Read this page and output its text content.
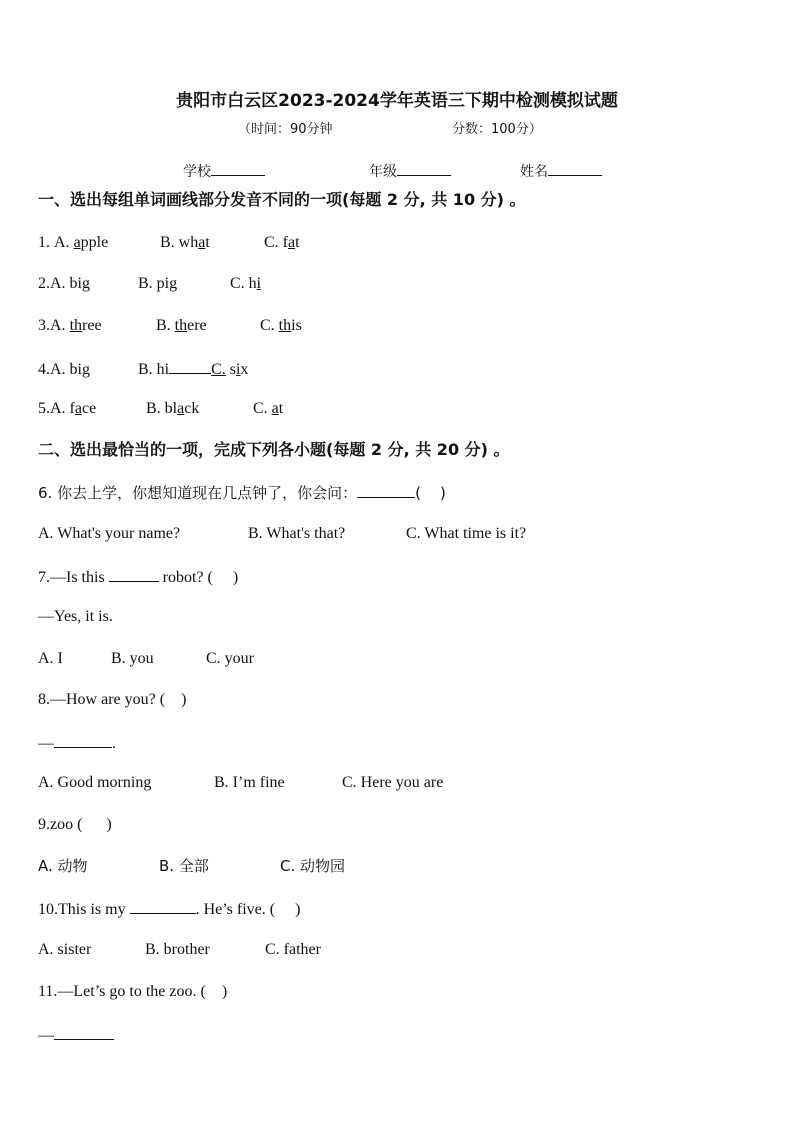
贵阳市白云区2023-2024学年英语三下期中检测模拟试题
（时间：90分钟	分数：100分）
学校	年级	姓名
一、选出每组单词画线部分发音不同的一项(每题 2 分, 共 10 分) 。
1. A. apple	B. what	C. fat
2.A. big	B. pig	C. hi
3.A. three	B. there	C. this
4.A. big	B. hi	C. six
5.A. face	B. black	C. at
二、选出最恰当的一项，完成下列各小题(每题 2 分, 共 20 分) 。
6. 你去上学，你想知道现在几点钟了，你会问：	(    )
A. What's your name?	B. What's that?	C. What time is it?
7.—Is this	robot? (     )
—Yes, it is.
A. I	B. you	C. your
8.—How are you? (    )
—	.
A. Good morning	B. I’m fine	C. Here you are
9.zoo (      )
A. 动物	B. 全部	C. 动物园
10.This is my	. He’s five. (     )
A. sister	B. brother	C. father
11.—Let’s go to the zoo. (    )
—
